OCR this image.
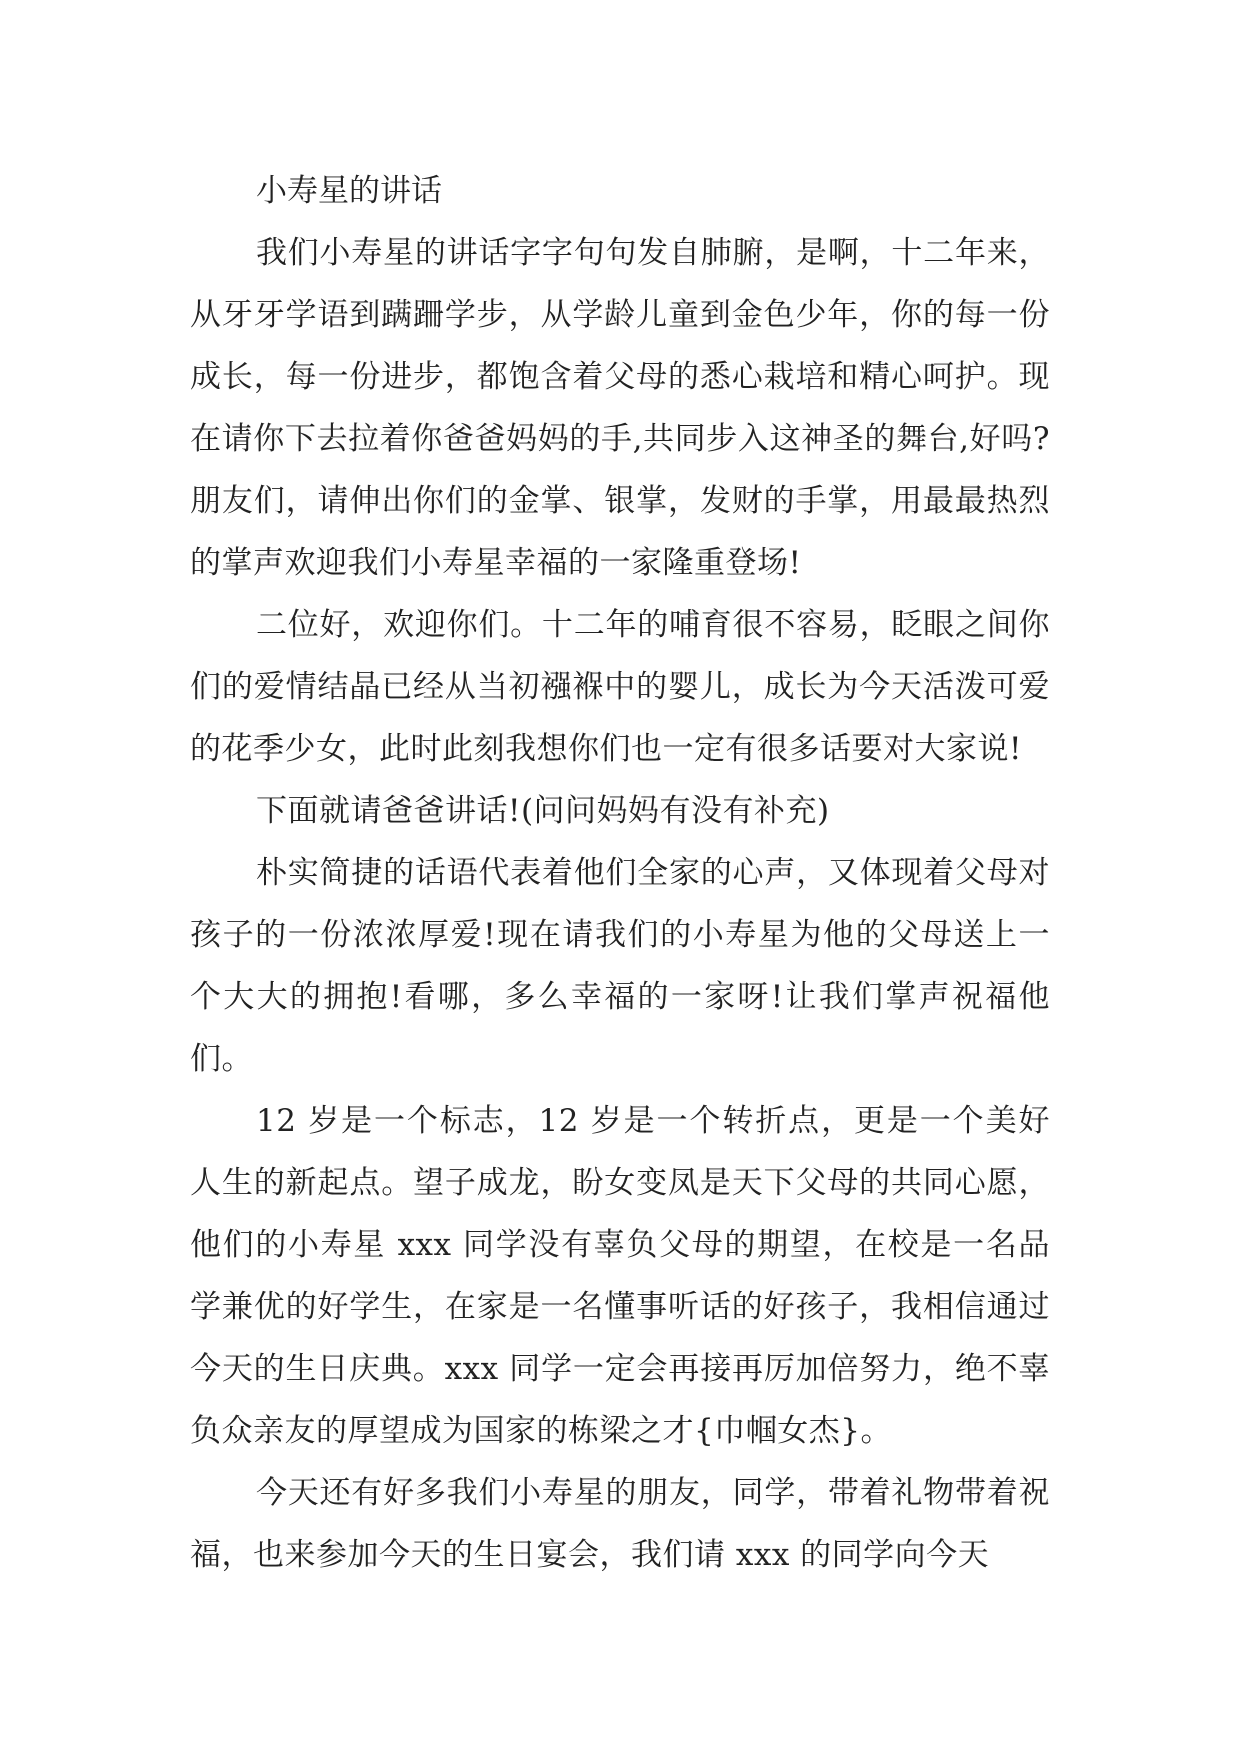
小寿星的讲话

我们小寿星的讲话字字句句发自肺腑，是啊，十二年来，从牙牙学语到蹒跚学步，从学龄儿童到金色少年，你的每一份成长，每一份进步，都饱含着父母的悉心栽培和精心呵护。现在请你下去拉着你爸爸妈妈的手,共同步入这神圣的舞台,好吗?朋友们，请伸出你们的金掌、银掌，发财的手掌，用最最热烈的掌声欢迎我们小寿星幸福的一家隆重登场!

二位好，欢迎你们。十二年的哺育很不容易，眨眼之间你们的爱情结晶已经从当初襁褓中的婴儿，成长为今天活泼可爱的花季少女，此时此刻我想你们也一定有很多话要对大家说!

下面就请爸爸讲话!(问问妈妈有没有补充)

朴实简捷的话语代表着他们全家的心声，又体现着父母对孩子的一份浓浓厚爱!现在请我们的小寿星为他的父母送上一个大大的拥抱!看哪，多么幸福的一家呀!让我们掌声祝福他们。

12 岁是一个标志，12 岁是一个转折点，更是一个美好人生的新起点。望子成龙，盼女变凤是天下父母的共同心愿，他们的小寿星 xxx 同学没有辜负父母的期望，在校是一名品学兼优的好学生，在家是一名懂事听话的好孩子，我相信通过今天的生日庆典。xxx 同学一定会再接再厉加倍努力，绝不辜负众亲友的厚望成为国家的栋梁之才{巾帼女杰}。

今天还有好多我们小寿星的朋友，同学，带着礼物带着祝福，也来参加今天的生日宴会，我们请 xxx 的同学向今天
